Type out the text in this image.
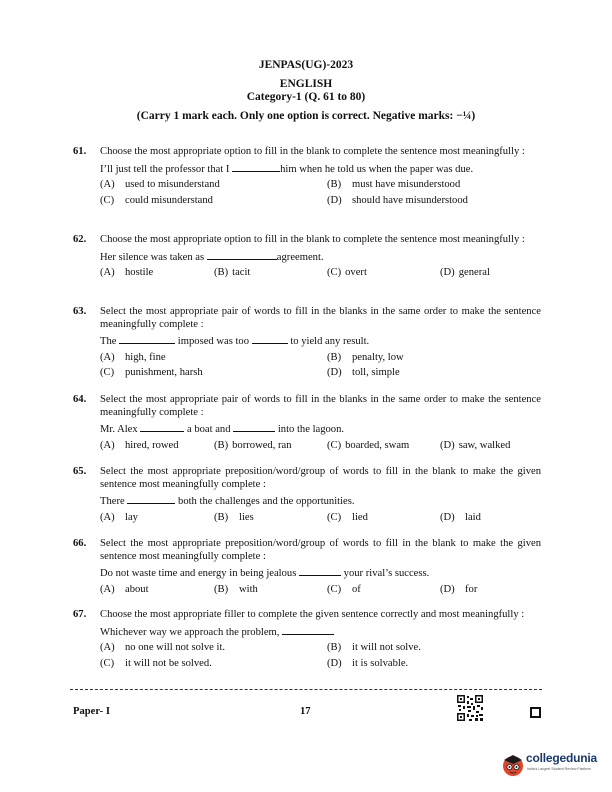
JENPAS(UG)-2023
ENGLISH
Category-1 (Q. 61 to 80)
(Carry 1 mark each. Only one option is correct. Negative marks: −¼)
61. Choose the most appropriate option to fill in the blank to complete the sentence most meaningfully :
I’ll just tell the professor that I	him when he told us when the paper was due.
(A) used to misunderstand	(B) must have misunderstood
(C) could misunderstand	(D) should have misunderstood
62. Choose the most appropriate option to fill in the blank to complete the sentence most meaningfully :
Her silence was taken as	agreement.
(A) hostile	(B) tacit	(C) overt	(D) general
63. Select the most appropriate pair of words to fill in the blanks in the same order to make the sentence meaningfully complete :
The	imposed was too	to yield any result.
(A) high, fine	(B) penalty, low
(C) punishment, harsh	(D) toll, simple
64. Select the most appropriate pair of words to fill in the blanks in the same order to make the sentence meaningfully complete :
Mr. Alex	a boat and	into the lagoon.
(A) hired, rowed	(B) borrowed, ran	(C) boarded, swam	(D) saw, walked
65. Select the most appropriate preposition/word/group of words to fill in the blank to make the given sentence most meaningfully complete :
There	both the challenges and the opportunities.
(A) lay	(B) lies	(C) lied	(D) laid
66. Select the most appropriate preposition/word/group of words to fill in the blank to make the given sentence most meaningfully complete :
Do not waste time and energy in being jealous	your rival’s success.
(A) about	(B) with	(C) of	(D) for
67. Choose the most appropriate filler to complete the given sentence correctly and most meaningfully :
Whichever way we approach the problem,
(A) no one will not solve it.	(B) it will not solve.
(C) it will not be solved.	(D) it is solvable.
Paper- I	17
collegedunia
India's Largest Student Review Platform
